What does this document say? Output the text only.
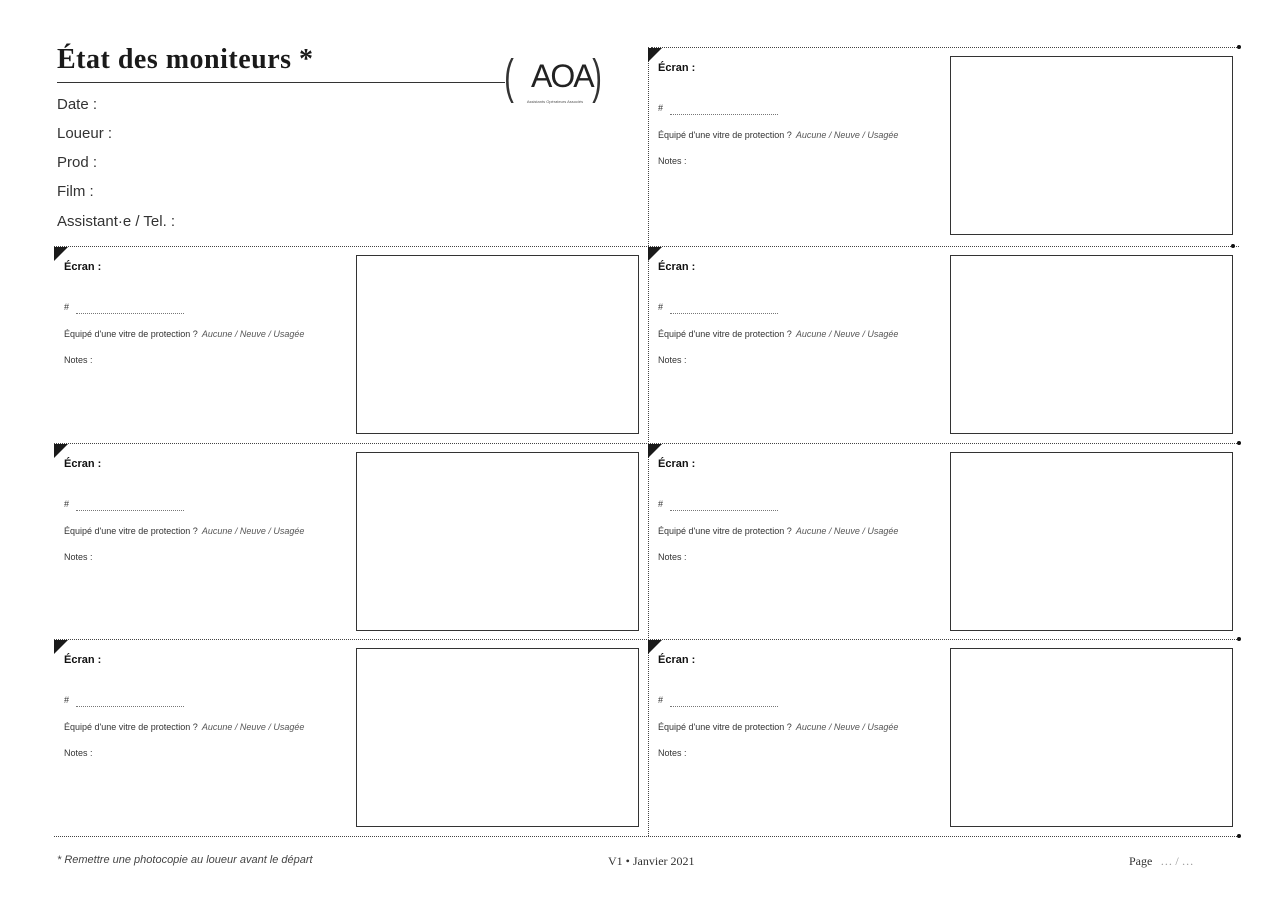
État des moniteurs *	( AOA )
Assistants Opérateurs Associés
Date :
Loueur :
Prod :
Film :
Assistant·e / Tel. :
Écran :
#
Équipé d'une vitre de protection ? Aucune / Neuve / Usagée
Notes :
Écran :
#
Équipé d'une vitre de protection ? Aucune / Neuve / Usagée
Notes :
Écran :
#
Équipé d'une vitre de protection ? Aucune / Neuve / Usagée
Notes :
Écran :
#
Équipé d'une vitre de protection ? Aucune / Neuve / Usagée
Notes :
Écran :
#
Équipé d'une vitre de protection ? Aucune / Neuve / Usagée
Notes :
Écran :
#
Équipé d'une vitre de protection ? Aucune / Neuve / Usagée
Notes :
Écran :
#
Équipé d'une vitre de protection ? Aucune / Neuve / Usagée
Notes :
* Remettre une photocopie au loueur avant le départ	V1 • Janvier 2021	Page … / …
